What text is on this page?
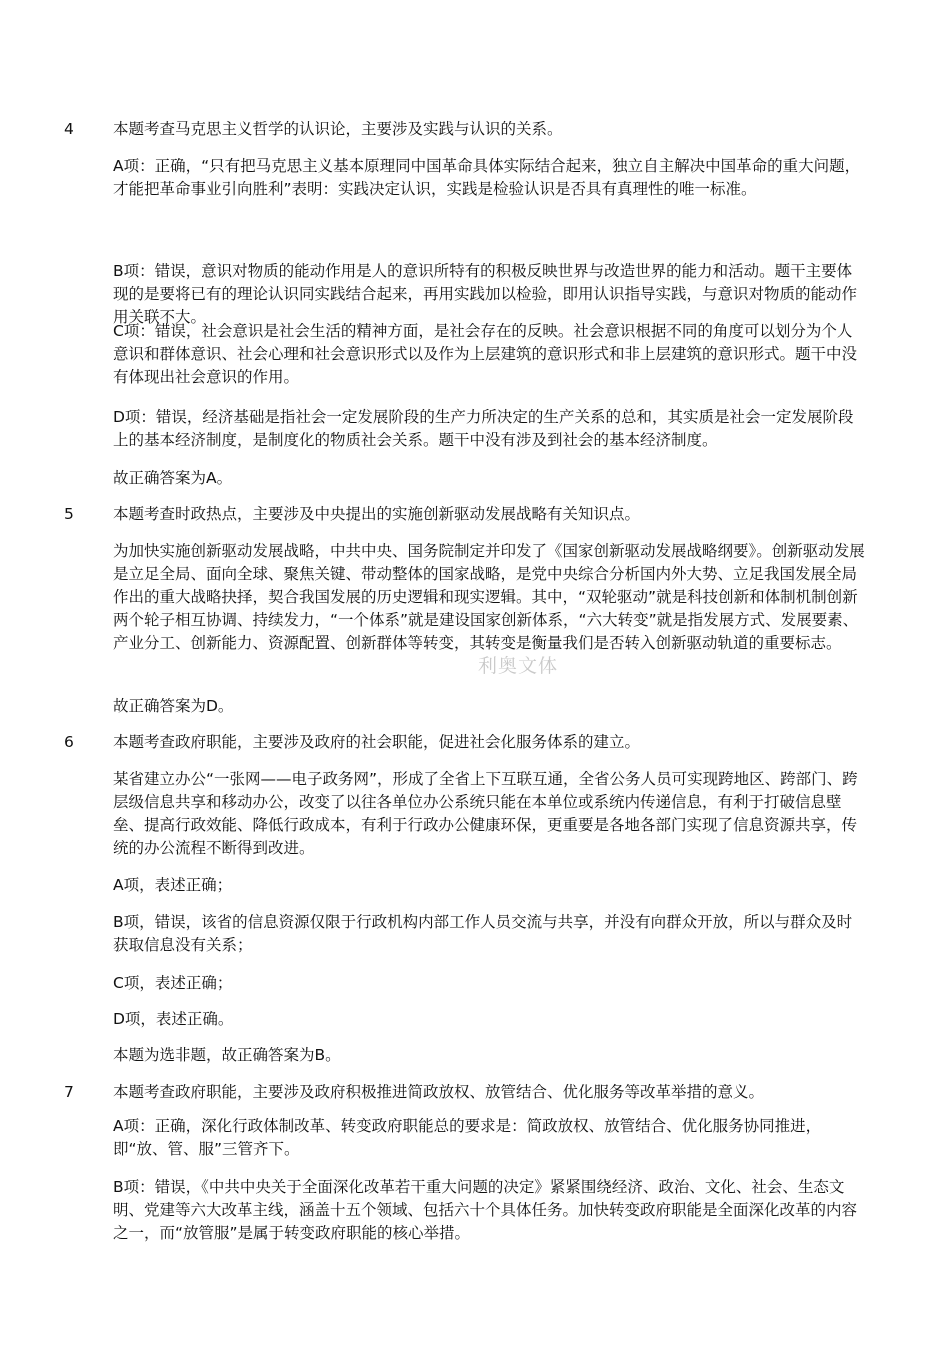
4	本题考查马克思主义哲学的认识论，主要涉及实践与认识的关系。

A项：正确，“只有把马克思主义基本原理同中国革命具体实际结合起来，独立自主解决中国革命的重大问题，才能把革命事业引向胜利”表明：实践决定认识，实践是检验认识是否具有真理性的唯一标准。

B项：错误，意识对物质的能动作用是人的意识所特有的积极反映世界与改造世界的能力和活动。题干主要体现的是要将已有的理论认识同实践结合起来，再用实践加以检验，即用认识指导实践，与意识对物质的能动作用关联不大。

C项：错误，社会意识是社会生活的精神方面，是社会存在的反映。社会意识根据不同的角度可以划分为个人意识和群体意识、社会心理和社会意识形式以及作为上层建筑的意识形式和非上层建筑的意识形式。题干中没有体现出社会意识的作用。

D项：错误，经济基础是指社会一定发展阶段的生产力所决定的生产关系的总和，其实质是社会一定发展阶段上的基本经济制度，是制度化的物质社会关系。题干中没有涉及到社会的基本经济制度。

故正确答案为A。

5	本题考查时政热点，主要涉及中央提出的实施创新驱动发展战略有关知识点。

为加快实施创新驱动发展战略，中共中央、国务院制定并印发了《国家创新驱动发展战略纲要》。创新驱动发展是立足全局、面向全球、聚焦关键、带动整体的国家战略，是党中央综合分析国内外大势、立足我国发展全局作出的重大战略抉择，契合我国发展的历史逻辑和现实逻辑。其中，“双轮驱动”就是科技创新和体制机制创新两个轮子相互协调、持续发力，“一个体系”就是建设国家创新体系，“六大转变”就是指发展方式、发展要素、产业分工、创新能力、资源配置、创新群体等转变，其转变是衡量我们是否转入创新驱动轨道的重要标志。

故正确答案为D。

利奥文体
6	本题考查政府职能，主要涉及政府的社会职能，促进社会化服务体系的建立。

某省建立办公“一张网——电子政务网”，形成了全省上下互联互通，全省公务人员可实现跨地区、跨部门、跨层级信息共享和移动办公，改变了以往各单位办公系统只能在本单位或系统内传递信息，有利于打破信息壁垒、提高行政效能、降低行政成本，有利于行政办公健康环保，更重要是各地各部门实现了信息资源共享，传统的办公流程不断得到改进。

A项，表述正确；

B项，错误，该省的信息资源仅限于行政机构内部工作人员交流与共享，并没有向群众开放，所以与群众及时获取信息没有关系；

C项，表述正确；

D项，表述正确。

本题为选非题，故正确答案为B。

7	本题考查政府职能，主要涉及政府积极推进简政放权、放管结合、优化服务等改革举措的意义。

A项：正确，深化行政体制改革、转变政府职能总的要求是：简政放权、放管结合、优化服务协同推进，即“放、管、服”三管齐下。

B项：错误，《中共中央关于全面深化改革若干重大问题的决定》紧紧围绕经济、政治、文化、社会、生态文明、党建等六大改革主线，涵盖十五个领域、包括六十个具体任务。加快转变政府职能是全面深化改革的内容之一，而“放管服”是属于转变政府职能的核心举措。
